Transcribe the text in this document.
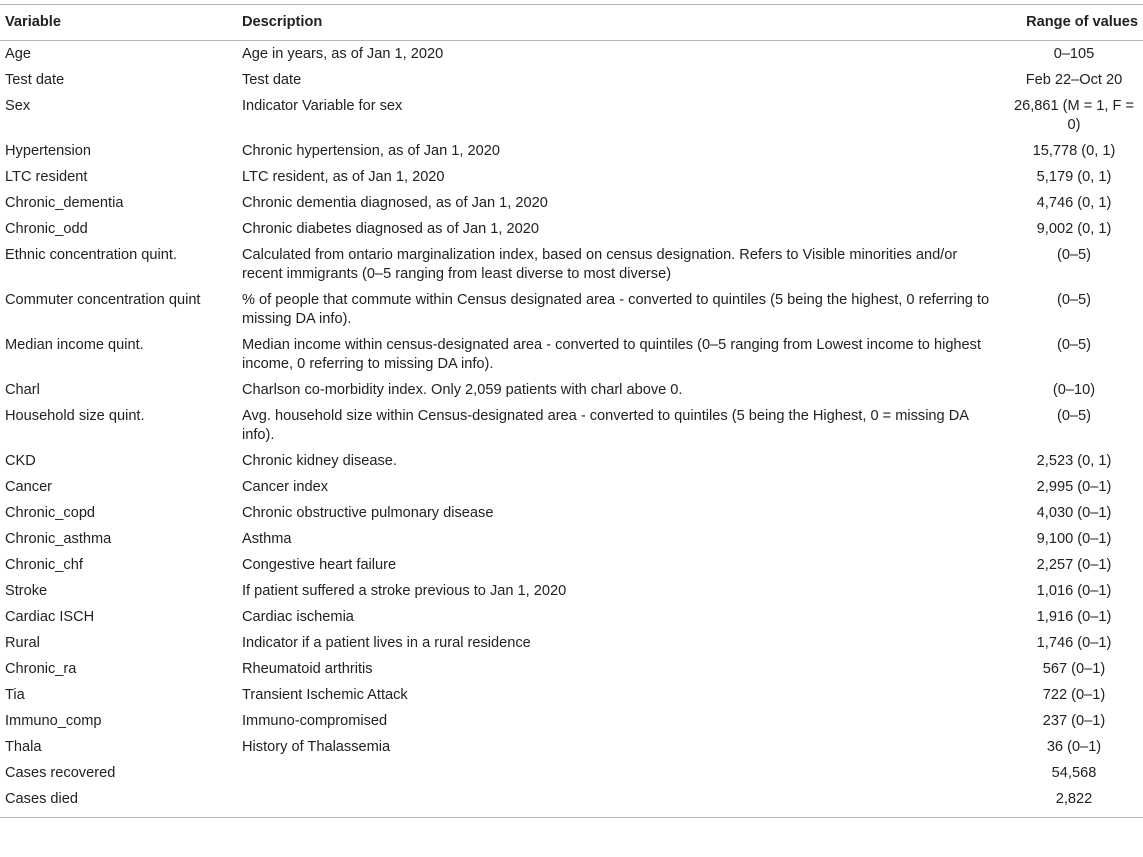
Variable	Description	Range of values
Age	Age in years, as of Jan 1, 2020	0–105
Test date	Test date	Feb 22–Oct 20
Sex	Indicator Variable for sex	26,861 (M = 1, F = 0)
Hypertension	Chronic hypertension, as of Jan 1, 2020	15,778 (0, 1)
LTC resident	LTC resident, as of Jan 1, 2020	5,179 (0, 1)
Chronic_dementia	Chronic dementia diagnosed, as of Jan 1, 2020	4,746 (0, 1)
Chronic_odd	Chronic diabetes diagnosed as of Jan 1, 2020	9,002 (0, 1)
Ethnic concentration quint.	Calculated from ontario marginalization index, based on census designation. Refers to Visible minorities and/or recent immigrants (0–5 ranging from least diverse to most diverse)	(0–5)
Commuter concentration quint	% of people that commute within Census designated area - converted to quintiles (5 being the highest, 0 referring to missing DA info).	(0–5)
Median income quint.	Median income within census-designated area - converted to quintiles (0–5 ranging from Lowest income to highest income, 0 referring to missing DA info).	(0–5)
Charl	Charlson co-morbidity index. Only 2,059 patients with charl above 0.	(0–10)
Household size quint.	Avg. household size within Census-designated area - converted to quintiles (5 being the Highest, 0 = missing DA info).	(0–5)
CKD	Chronic kidney disease.	2,523 (0, 1)
Cancer	Cancer index	2,995 (0–1)
Chronic_copd	Chronic obstructive pulmonary disease	4,030 (0–1)
Chronic_asthma	Asthma	9,100 (0–1)
Chronic_chf	Congestive heart failure	2,257 (0–1)
Stroke	If patient suffered a stroke previous to Jan 1, 2020	1,016 (0–1)
Cardiac ISCH	Cardiac ischemia	1,916 (0–1)
Rural	Indicator if a patient lives in a rural residence	1,746 (0–1)
Chronic_ra	Rheumatoid arthritis	567 (0–1)
Tia	Transient Ischemic Attack	722 (0–1)
Immuno_comp	Immuno-compromised	237 (0–1)
Thala	History of Thalassemia	36 (0–1)
Cases recovered		54,568
Cases died		2,822
